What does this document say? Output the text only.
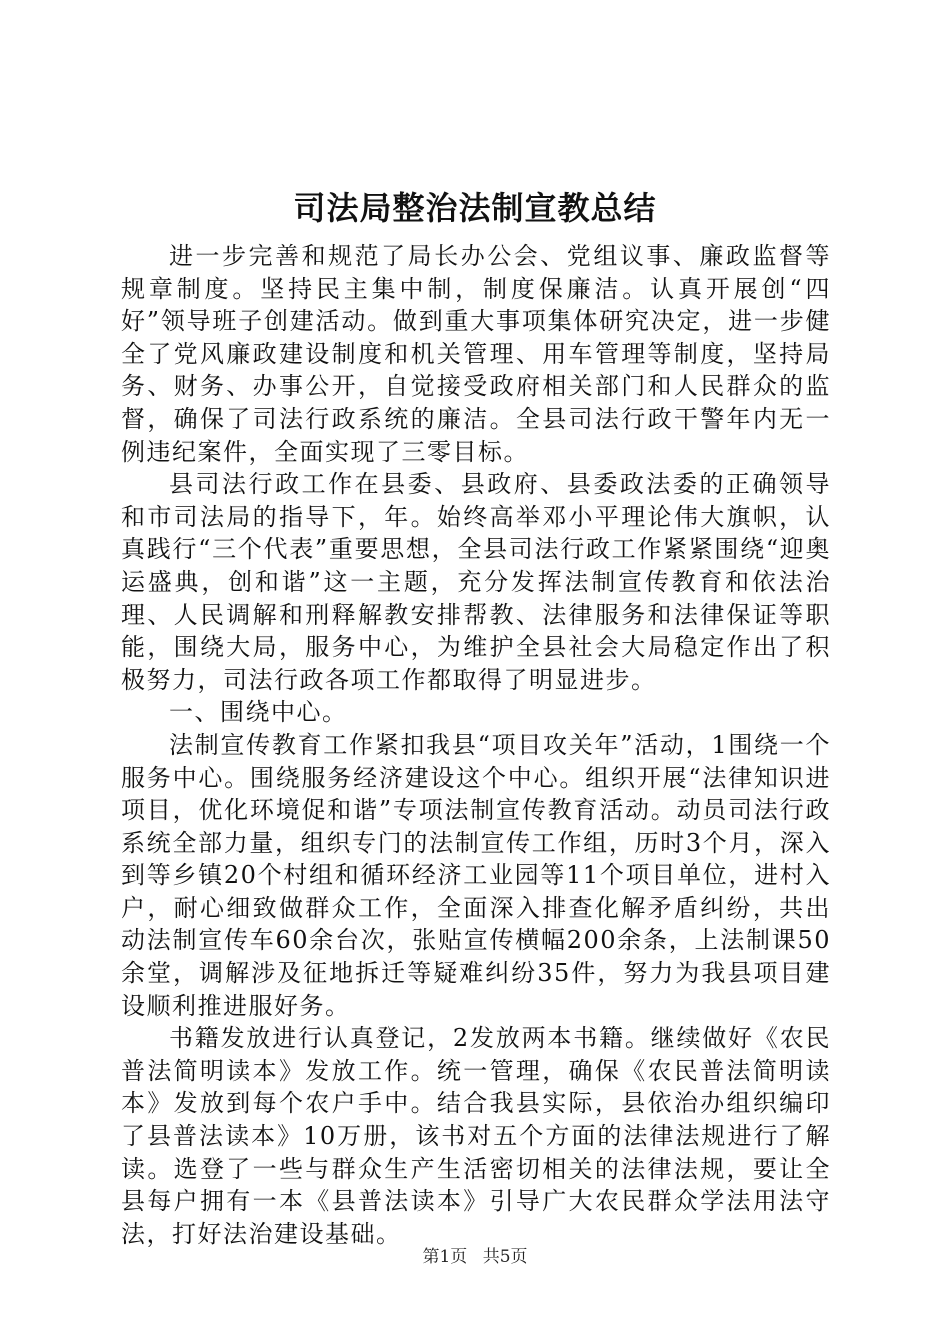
司法局整治法制宣教总结

进一步完善和规范了局长办公会、党组议事、廉政监督等规章制度。坚持民主集中制，制度保廉洁。认真开展创“四好”领导班子创建活动。做到重大事项集体研究决定，进一步健全了党风廉政建设制度和机关管理、用车管理等制度，坚持局务、财务、办事公开，自觉接受政府相关部门和人民群众的监督，确保了司法行政系统的廉洁。全县司法行政干警年内无一例违纪案件，全面实现了三零目标。

县司法行政工作在县委、县政府、县委政法委的正确领导和市司法局的指导下，年。始终高举邓小平理论伟大旗帜，认真践行“三个代表”重要思想，全县司法行政工作紧紧围绕“迎奥运盛典，创和谐”这一主题，充分发挥法制宣传教育和依法治理、人民调解和刑释解教安排帮教、法律服务和法律保证等职能，围绕大局，服务中心，为维护全县社会大局稳定作出了积极努力，司法行政各项工作都取得了明显进步。

一、围绕中心。

法制宣传教育工作紧扣我县“项目攻关年”活动，1围绕一个服务中心。围绕服务经济建设这个中心。组织开展“法律知识进项目，优化环境促和谐”专项法制宣传教育活动。动员司法行政系统全部力量，组织专门的法制宣传工作组，历时3个月，深入到等乡镇20个村组和循环经济工业园等11个项目单位，进村入户，耐心细致做群众工作，全面深入排查化解矛盾纠纷，共出动法制宣传车60余台次，张贴宣传横幅200余条，上法制课50余堂，调解涉及征地拆迁等疑难纠纷35件，努力为我县项目建设顺利推进服好务。

书籍发放进行认真登记，2发放两本书籍。继续做好《农民普法简明读本》发放工作。统一管理，确保《农民普法简明读本》发放到每个农户手中。结合我县实际，县依治办组织编印了县普法读本》10万册，该书对五个方面的法律法规进行了解读。选登了一些与群众生产生活密切相关的法律法规，要让全县每户拥有一本《县普法读本》引导广大农民群众学法用法守法，打好法治建设基础。

第1页 共5页
